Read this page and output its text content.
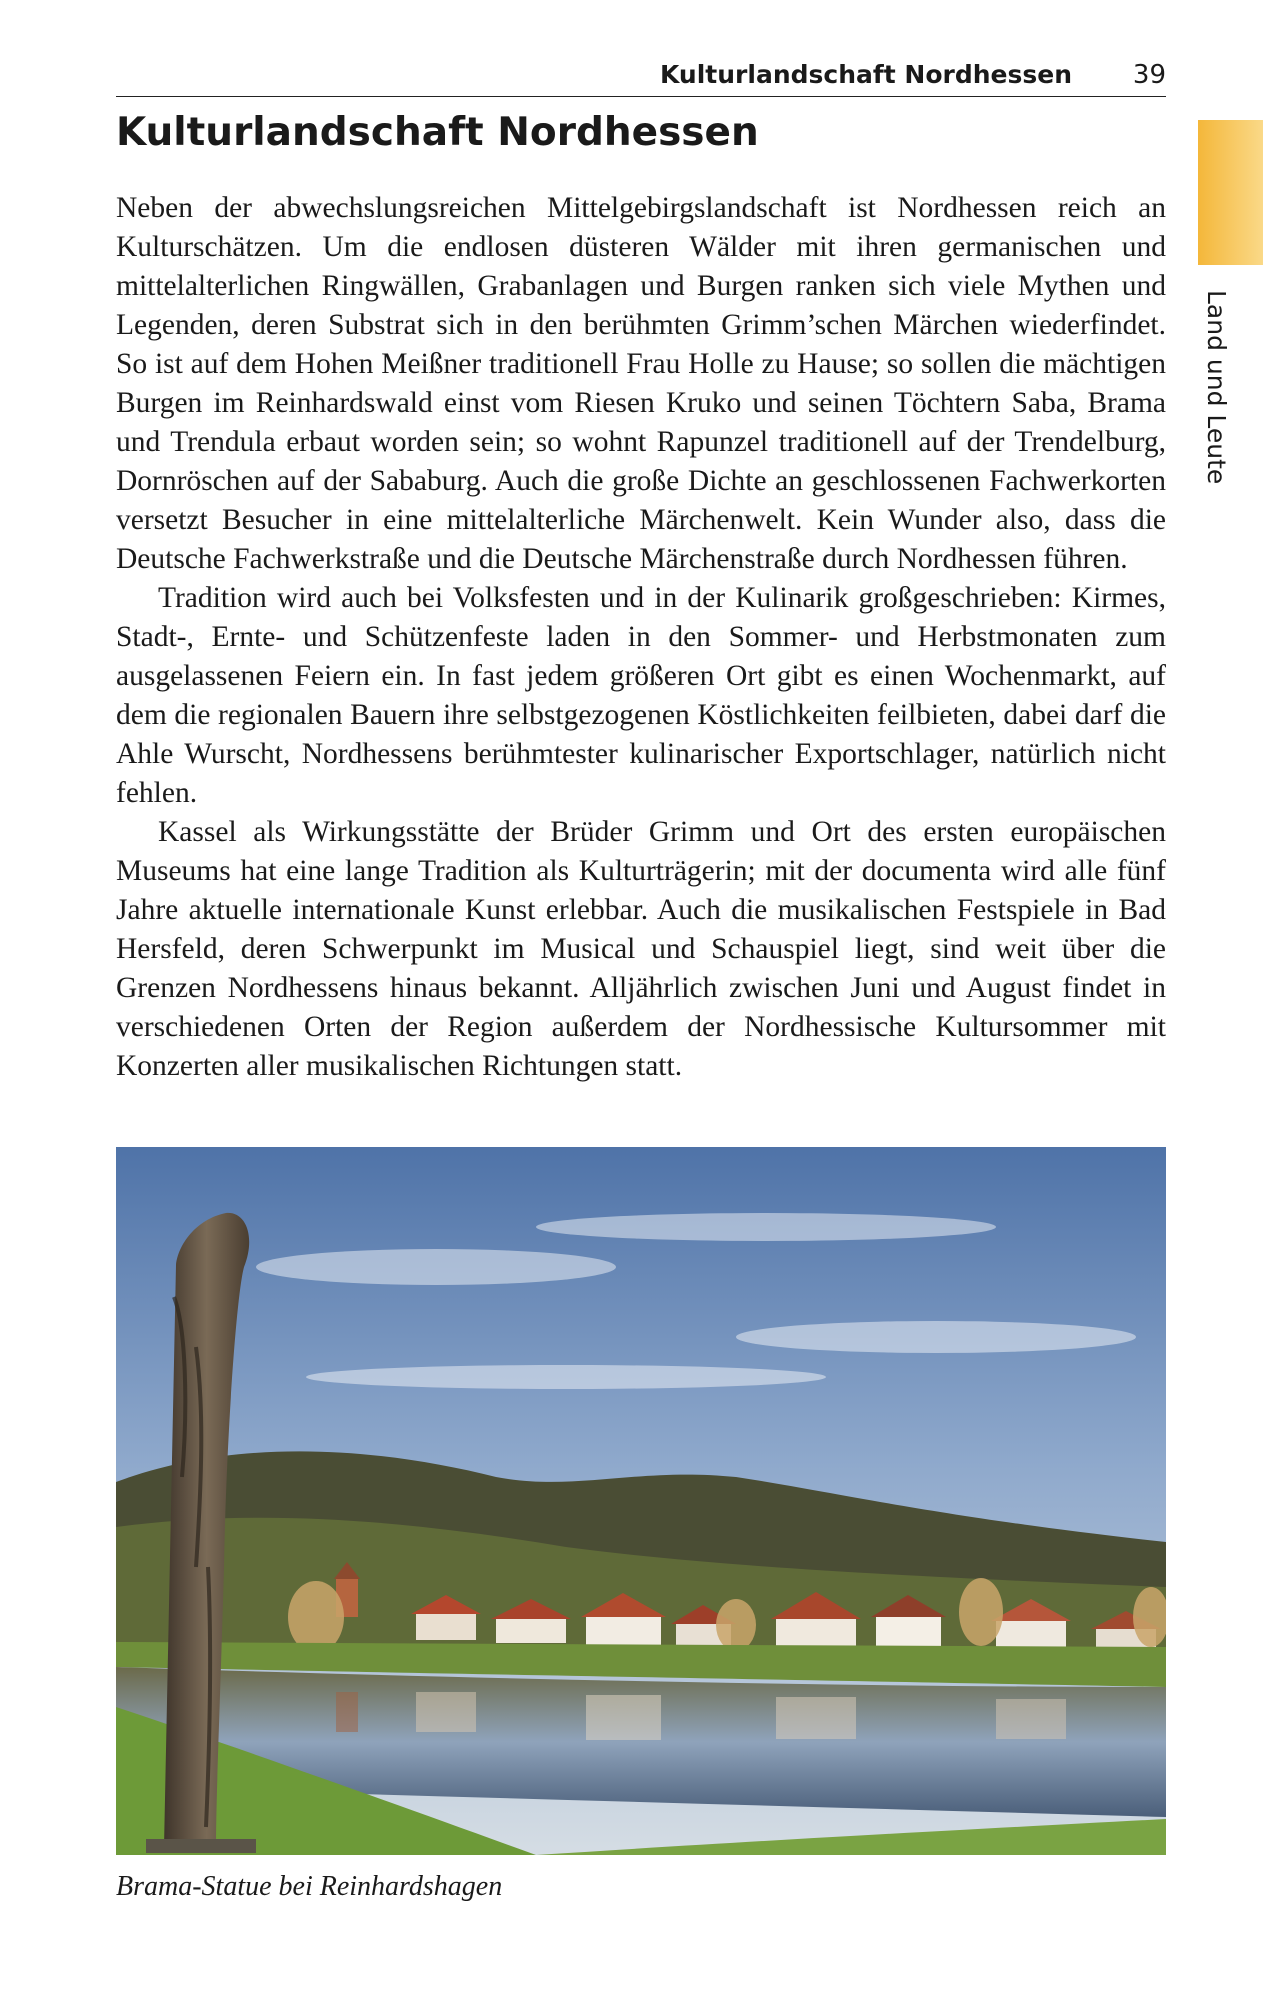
Kulturlandschaft Nordhessen 39
Kulturlandschaft Nordhessen
Land und Leute

Neben der abwechslungsreichen Mittelgebirgslandschaft ist Nordhessen reich an Kulturschätzen. Um die endlosen düsteren Wälder mit ihren germanischen und mittelalterlichen Ringwällen, Grabanlagen und Burgen ranken sich viele Mythen und Legenden, deren Substrat sich in den berühmten Grimm’schen Märchen wiederfindet. So ist auf dem Hohen Meißner traditionell Frau Holle zu Hause; so sollen die mächtigen Burgen im Reinhardswald einst vom Riesen Kruko und seinen Töchtern Saba, Brama und Trendula erbaut worden sein; so wohnt Rapunzel traditionell auf der Trendelburg, Dornröschen auf der Sababurg. Auch die große Dichte an geschlossenen Fachwerkorten versetzt Besucher in eine mittelalterliche Märchenwelt. Kein Wunder also, dass die Deutsche Fachwerkstraße und die Deutsche Märchenstraße durch Nordhessen führen.

Tradition wird auch bei Volksfesten und in der Kulinarik großgeschrieben: Kirmes, Stadt-, Ernte- und Schützenfeste laden in den Sommer- und Herbstmonaten zum ausgelassenen Feiern ein. In fast jedem größeren Ort gibt es einen Wochenmarkt, auf dem die regionalen Bauern ihre selbstgezogenen Köstlichkeiten feilbieten, dabei darf die Ahle Wurscht, Nordhessens berühmtester kulinarischer Exportschlager, natürlich nicht fehlen.

Kassel als Wirkungsstätte der Brüder Grimm und Ort des ersten europäischen Museums hat eine lange Tradition als Kulturträgerin; mit der documenta wird alle fünf Jahre aktuelle internationale Kunst erlebbar. Auch die musikalischen Festspiele in Bad Hersfeld, deren Schwerpunkt im Musical und Schauspiel liegt, sind weit über die Grenzen Nordhessens hinaus bekannt. Alljährlich zwischen Juni und August findet in verschiedenen Orten der Region außerdem der Nordhessische Kultursommer mit Konzerten aller musikalischen Richtungen statt.

Brama-Statue bei Reinhardshagen
